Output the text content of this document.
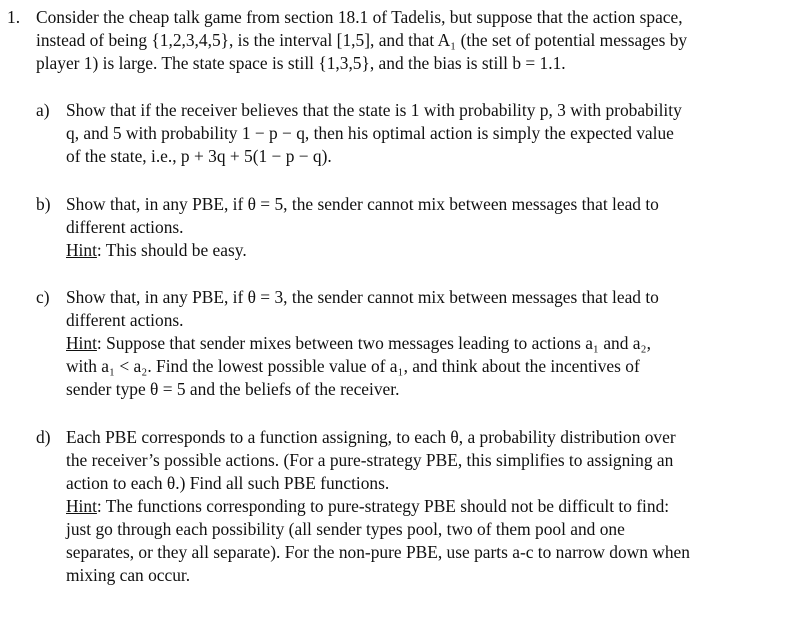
1. Consider the cheap talk game from section 18.1 of Tadelis, but suppose that the action space,
instead of being {1,2,3,4,5}, is the interval [1,5], and that A₁ (the set of potential messages by
player 1) is large. The state space is still {1,3,5}, and the bias is still b = 1.1.
a) Show that if the receiver believes that the state is 1 with probability p, 3 with probability
q, and 5 with probability 1 − p − q, then his optimal action is simply the expected value
of the state, i.e., p + 3q + 5(1 − p − q).
b) Show that, in any PBE, if θ = 5, the sender cannot mix between messages that lead to
different actions.
Hint: This should be easy.
c) Show that, in any PBE, if θ = 3, the sender cannot mix between messages that lead to
different actions.
Hint: Suppose that sender mixes between two messages leading to actions a₁ and a₂,
with a₁ < a₂. Find the lowest possible value of a₁, and think about the incentives of
sender type θ = 5 and the beliefs of the receiver.
d) Each PBE corresponds to a function assigning, to each θ, a probability distribution over
the receiver’s possible actions. (For a pure-strategy PBE, this simplifies to assigning an
action to each θ.) Find all such PBE functions.
Hint: The functions corresponding to pure-strategy PBE should not be difficult to find:
just go through each possibility (all sender types pool, two of them pool and one
separates, or they all separate). For the non-pure PBE, use parts a-c to narrow down when
mixing can occur.
